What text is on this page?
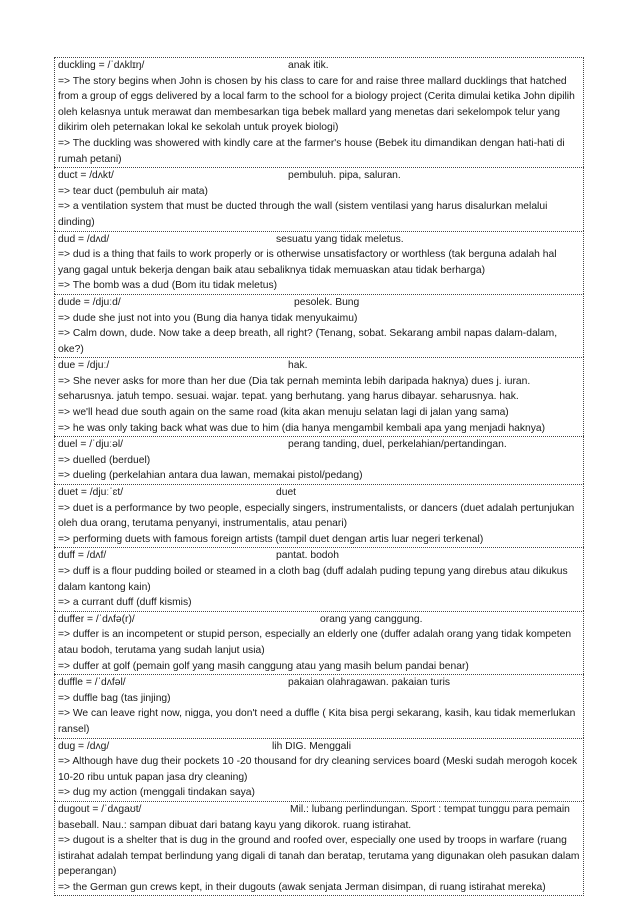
duckling = /ˈdʌklɪŋ/	anak itik.
=> The story begins when John is chosen by his class to care for and raise three mallard ducklings that hatched from a group of eggs delivered by a local farm to the school for a biology project (Cerita dimulai ketika John dipilih oleh kelasnya untuk merawat dan membesarkan tiga bebek mallard yang menetas dari sekelompok telur yang dikirim oleh peternakan lokal ke sekolah untuk proyek biologi)
=> The duckling was showered with kindly care at the farmer's house (Bebek itu dimandikan dengan hati-hati di rumah petani)
duct = /dʌkt/	pembuluh. pipa, saluran.
=> tear duct (pembuluh air mata)
=> a ventilation system that must be ducted through the wall (sistem ventilasi yang harus disalurkan melalui dinding)
dud = /dʌd/	sesuatu yang tidak meletus.
=> dud is a thing that fails to work properly or is otherwise unsatisfactory or worthless (tak berguna adalah hal yang gagal untuk bekerja dengan baik atau sebaliknya tidak memuaskan atau tidak berharga)
=> The bomb was a dud (Bom itu tidak meletus)
dude = /djuːd/	pesolek. Bung
=> dude she just not into you (Bung dia hanya tidak menyukaimu)
=> Calm down, dude. Now take a deep breath, all right? (Tenang, sobat. Sekarang ambil napas dalam-dalam, oke?)
due = /djuː/	hak.
=> She never asks for more than her due (Dia tak pernah meminta lebih daripada haknya) dues j. iuran. seharusnya. jatuh tempo. sesuai. wajar. tepat. yang berhutang. yang harus dibayar. seharusnya. hak.
=> we'll head due south again on the same road (kita akan menuju selatan lagi di jalan yang sama)
=> he was only taking back what was due to him (dia hanya mengambil kembali apa yang menjadi haknya)
duel = /ˈdjuːəl/	perang tanding, duel, perkelahian/pertandingan.
=> duelled (berduel)
=> dueling (perkelahian antara dua lawan, memakai pistol/pedang)
duet = /djuːˈɛt/	duet
=> duet is a performance by two people, especially singers, instrumentalists, or dancers (duet adalah pertunjukan oleh dua orang, terutama penyanyi, instrumentalis, atau penari)
=> performing duets with famous foreign artists (tampil duet dengan artis luar negeri terkenal)
duff = /dʌf/	pantat. bodoh
=> duff is a flour pudding boiled or steamed in a cloth bag (duff adalah puding tepung yang direbus atau dikukus dalam kantong kain)
=> a currant duff (duff kismis)
duffer = /ˈdʌfə(r)/	orang yang canggung.
=> duffer is an incompetent or stupid person, especially an elderly one (duffer adalah orang yang tidak kompeten atau bodoh, terutama yang sudah lanjut usia)
=> duffer at golf (pemain golf yang masih canggung atau yang masih belum pandai benar)
duffle = /ˈdʌfəl/	pakaian olahragawan. pakaian turis
=> duffle bag (tas jinjing)
=> We can leave right now, nigga, you don't need a duffle ( Kita bisa pergi sekarang, kasih, kau tidak memerlukan ransel)
dug = /dʌɡ/	lih DIG. Menggali
=> Although have dug their pockets 10 -20 thousand for dry cleaning services board (Meski sudah merogoh kocek 10-20 ribu untuk papan jasa dry cleaning)
=> dug my action (menggali tindakan saya)
dugout = /ˈdʌɡaʊt/	Mil.: lubang perlindungan. Sport : tempat tunggu para pemain baseball. Nau.: sampan dibuat dari batang kayu yang dikorok. ruang istirahat.
=> dugout is a shelter that is dug in the ground and roofed over, especially one used by troops in warfare (ruang istirahat adalah tempat berlindung yang digali di tanah dan beratap, terutama yang digunakan oleh pasukan dalam peperangan)
=> the German gun crews kept, in their dugouts (awak senjata Jerman disimpan, di ruang istirahat mereka)
